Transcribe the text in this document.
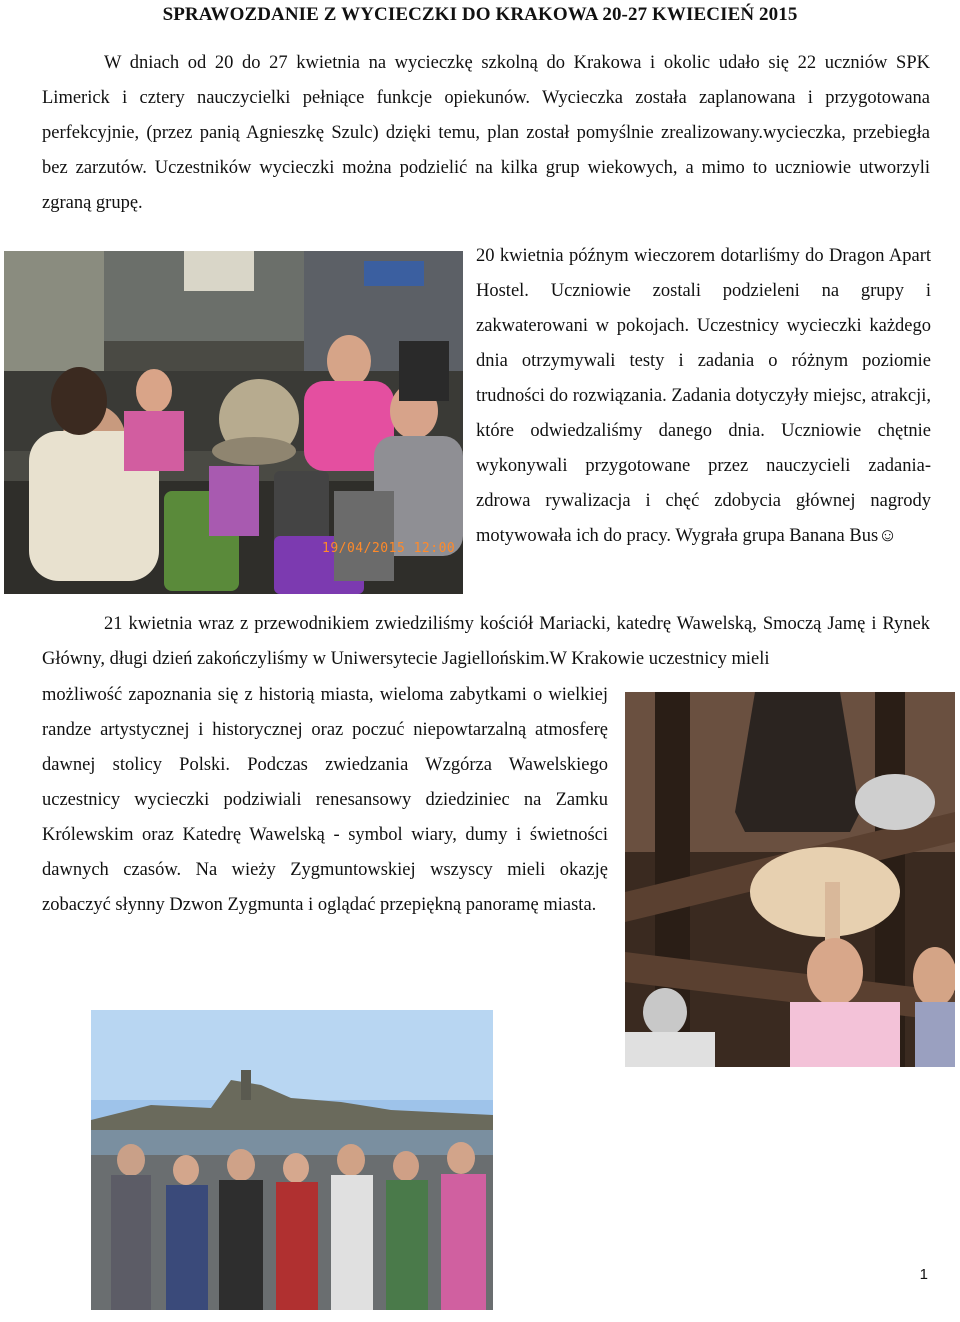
SPRAWOZDANIE Z WYCIECZKI DO KRAKOWA 20-27 KWIECIEŃ 2015

W dniach od 20 do 27 kwietnia na wycieczkę szkolną do Krakowa i okolic udało się 22 uczniów SPK Limerick i cztery nauczycielki pełniące funkcje opiekunów. Wycieczka została zaplanowana i przygotowana perfekcyjnie, (przez panią Agnieszkę Szulc) dzięki temu, plan został pomyślnie zrealizowany.wycieczka, przebiegła bez zarzutów. Uczestników wycieczki można podzielić na kilka grup wiekowych, a mimo to uczniowie utworzyli zgraną grupę.

19/04/2015 12:00

20 kwietnia późnym wieczorem dotarliśmy do Dragon Apart Hostel. Uczniowie zostali podzieleni na grupy i zakwaterowani w pokojach. Uczestnicy wycieczki każdego dnia otrzymywali testy i zadania o różnym poziomie trudności do rozwiązania. Zadania dotyczyły miejsc, atrakcji, które odwiedzaliśmy danego dnia. Uczniowie chętnie wykonywali przygotowane przez nauczycieli zadania-zdrowa rywalizacja i chęć zdobycia głównej nagrody motywowała ich do pracy. Wygrała grupa Banana Bus☺

21 kwietnia wraz z przewodnikiem zwiedziliśmy kościół Mariacki, katedrę Wawelską, Smoczą Jamę i Rynek Główny, długi dzień zakończyliśmy w Uniwersytecie Jagiellońskim.W Krakowie uczestnicy mieli

możliwość zapoznania się z historią miasta, wieloma zabytkami o wielkiej randze artystycznej i historycznej oraz poczuć niepowtarzalną atmosferę dawnej stolicy Polski. Podczas zwiedzania Wzgórza Wawelskiego uczestnicy wycieczki podziwiali renesansowy dziedziniec na Zamku Królewskim oraz Katedrę Wawelską - symbol wiary, dumy i świetności dawnych czasów. Na wieży Zygmuntowskiej wszyscy mieli okazję zobaczyć słynny Dzwon Zygmunta i oglądać przepiękną panoramę miasta.

1
